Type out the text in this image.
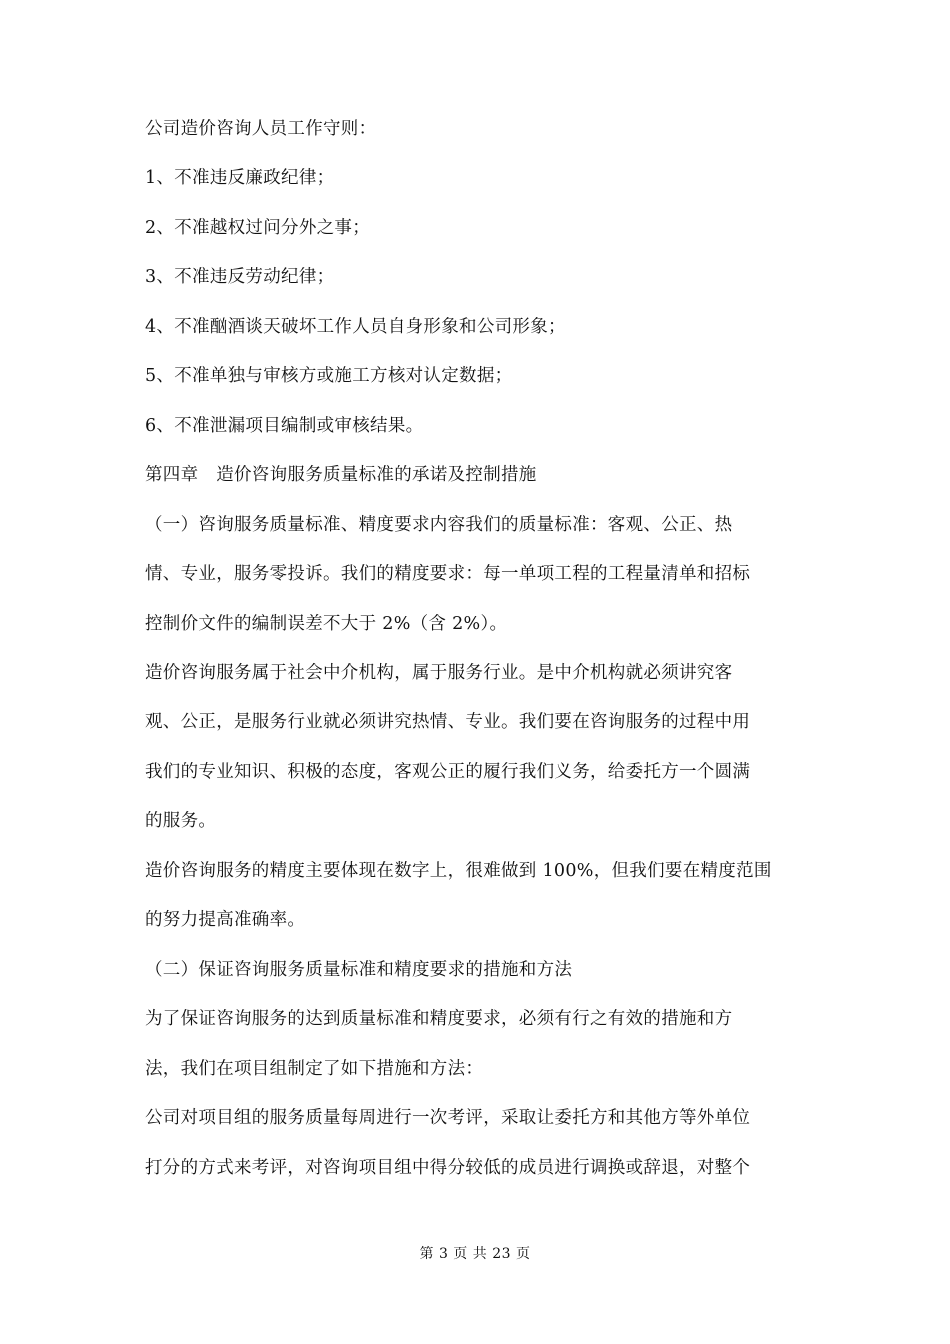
公司造价咨询人员工作守则：
1、不准违反廉政纪律；
2、不准越权过问分外之事；
3、不准违反劳动纪律；
4、不准酗酒谈天破坏工作人员自身形象和公司形象；
5、不准单独与审核方或施工方核对认定数据；
6、不准泄漏项目编制或审核结果。
第四章　造价咨询服务质量标准的承诺及控制措施
（一）咨询服务质量标准、精度要求内容我们的质量标准：客观、公正、热
情、专业，服务零投诉。我们的精度要求：每一单项工程的工程量清单和招标
控制价文件的编制误差不大于 2%（含 2%）。
造价咨询服务属于社会中介机构，属于服务行业。是中介机构就必须讲究客
观、公正，是服务行业就必须讲究热情、专业。我们要在咨询服务的过程中用
我们的专业知识、积极的态度，客观公正的履行我们义务，给委托方一个圆满
的服务。
造价咨询服务的精度主要体现在数字上，很难做到 100%，但我们要在精度范围
的努力提高准确率。
（二）保证咨询服务质量标准和精度要求的措施和方法
为了保证咨询服务的达到质量标准和精度要求，必须有行之有效的措施和方
法，我们在项目组制定了如下措施和方法：
公司对项目组的服务质量每周进行一次考评，采取让委托方和其他方等外单位
打分的方式来考评，对咨询项目组中得分较低的成员进行调换或辞退，对整个
第 3 页 共 23 页
